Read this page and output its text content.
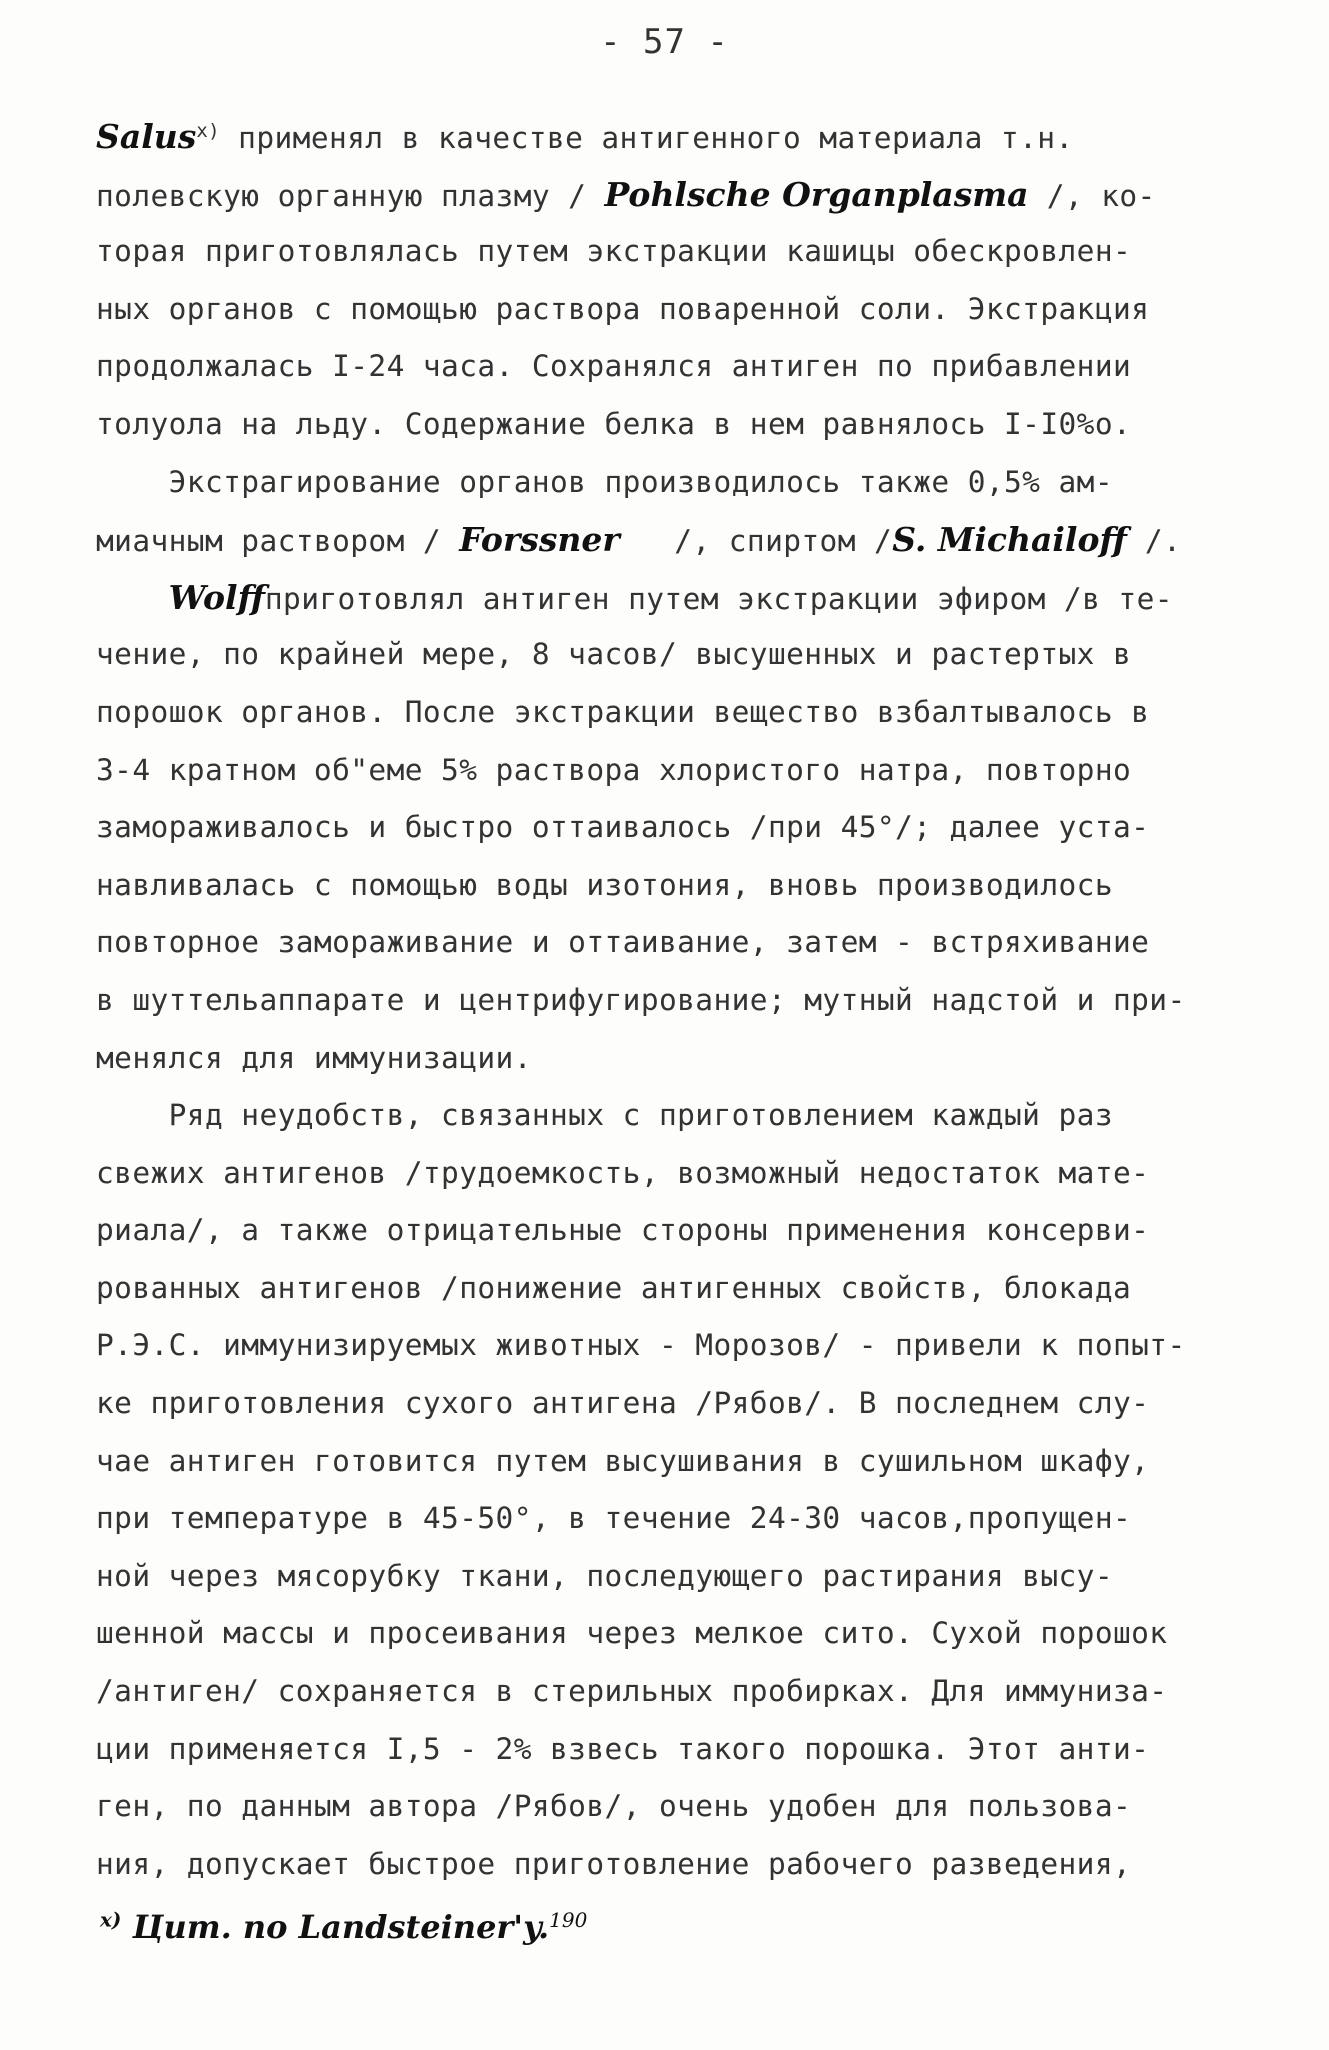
- 57 -
Salus$^{x)}$ применял в качестве антигенного материала т.н.
полевскую органную плазму / Pohlsche Organplasma /, ко-
торая приготовлялась путем экстракции кашицы обескровлен-
ных органов с помощью раствора поваренной соли. Экстракция
продолжалась I-24 часа. Сохранялся антиген по прибавлении
толуола на льду. Содержание белка в нем равнялось I-I0%о.
Экстрагирование органов производилось также 0,5% ам-
миачным раствором / Forssner   /, спиртом /S. Michailoff /.
Wolffприготовлял антиген путем экстракции эфиром /в те-
чение, по крайней мере, 8 часов/ высушенных и растертых в
порошок органов. После экстракции вещество взбалтывалось в
3-4 кратном об"еме 5% раствора хлористого натра, повторно
замораживалось и быстро оттаивалось /при 45°/; далее уста-
навливалась с помощью воды изотония, вновь производилось
повторное замораживание и оттаивание, затем - встряхивание
в шуттельаппарате и центрифугирование; мутный надстой и при-
менялся для иммунизации.
Ряд неудобств, связанных с приготовлением каждый раз
свежих антигенов /трудоемкость, возможный недостаток мате-
риала/, а также отрицательные стороны применения консерви-
рованных антигенов /понижение антигенных свойств, блокада
Р.Э.С. иммунизируемых животных - Морозов/ - привели к попыт-
ке приготовления сухого антигена /Рябов/. В последнем слу-
чае антиген готовится путем высушивания в сушильном шкафу,
при температуре в 45-50°, в течение 24-30 часов,пропущен-
ной через мясорубку ткани, последующего растирания высу-
шенной массы и просеивания через мелкое сито. Сухой порошок
/антиген/ сохраняется в стерильных пробирках. Для иммуниза-
ции применяется I,5 - 2% взвесь такого порошка. Этот анти-
ген, по данным автора /Рябов/, очень удобен для пользова-
ния, допускает быстрое приготовление рабочего разведения,
$^{x)}$ Цит. по Landsteiner'y.$^{190}$
